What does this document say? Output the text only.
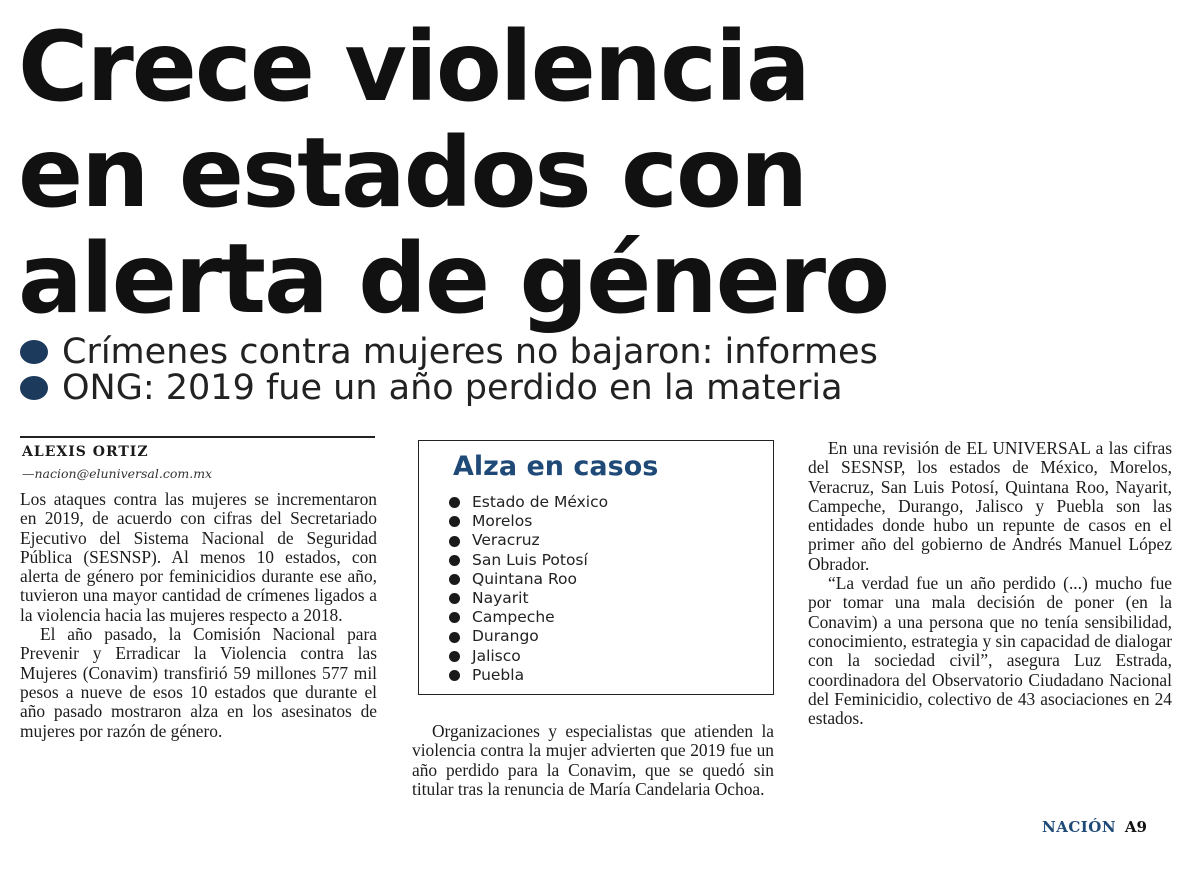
Crece violencia
en estados con
alerta de género
Crímenes contra mujeres no bajaron: informes
ONG: 2019 fue un año perdido en la materia
ALEXIS ORTIZ
—nacion@eluniversal.com.mx

Los ataques contra las mujeres se incrementaron en 2019, de acuerdo con cifras del Secretariado Ejecutivo del Sistema Nacional de Seguridad Pública (SESNSP). Al menos 10 estados, con alerta de género por feminicidios durante ese año, tuvieron una mayor cantidad de crímenes ligados a la violencia hacia las mujeres respecto a 2018.

El año pasado, la Comisión Nacional para Prevenir y Erradicar la Violencia contra las Mujeres (Conavim) transfirió 59 millones 577 mil pesos a nueve de esos 10 estados que durante el año pasado mostraron alza en los asesinatos de mujeres por razón de género.

Alza en casos
Estado de México
Morelos
Veracruz
San Luis Potosí
Quintana Roo
Nayarit
Campeche
Durango
Jalisco
Puebla

Organizaciones y especialistas que atienden la violencia contra la mujer advierten que 2019 fue un año perdido para la Conavim, que se quedó sin titular tras la renuncia de María Candelaria Ochoa.

En una revisión de EL UNIVERSAL a las cifras del SESNSP, los estados de México, Morelos, Veracruz, San Luis Potosí, Quintana Roo, Nayarit, Campeche, Durango, Jalisco y Puebla son las entidades donde hubo un repunte de casos en el primer año del gobierno de Andrés Manuel López Obrador.

“La verdad fue un año perdido (...) mucho fue por tomar una mala decisión de poner (en la Conavim) a una persona que no tenía sensibilidad, conocimiento, estrategia y sin capacidad de dialogar con la sociedad civil”, asegura Luz Estrada, coordinadora del Observatorio Ciudadano Nacional del Feminicidio, colectivo de 43 asociaciones en 24 estados.

NACIÓN A9
